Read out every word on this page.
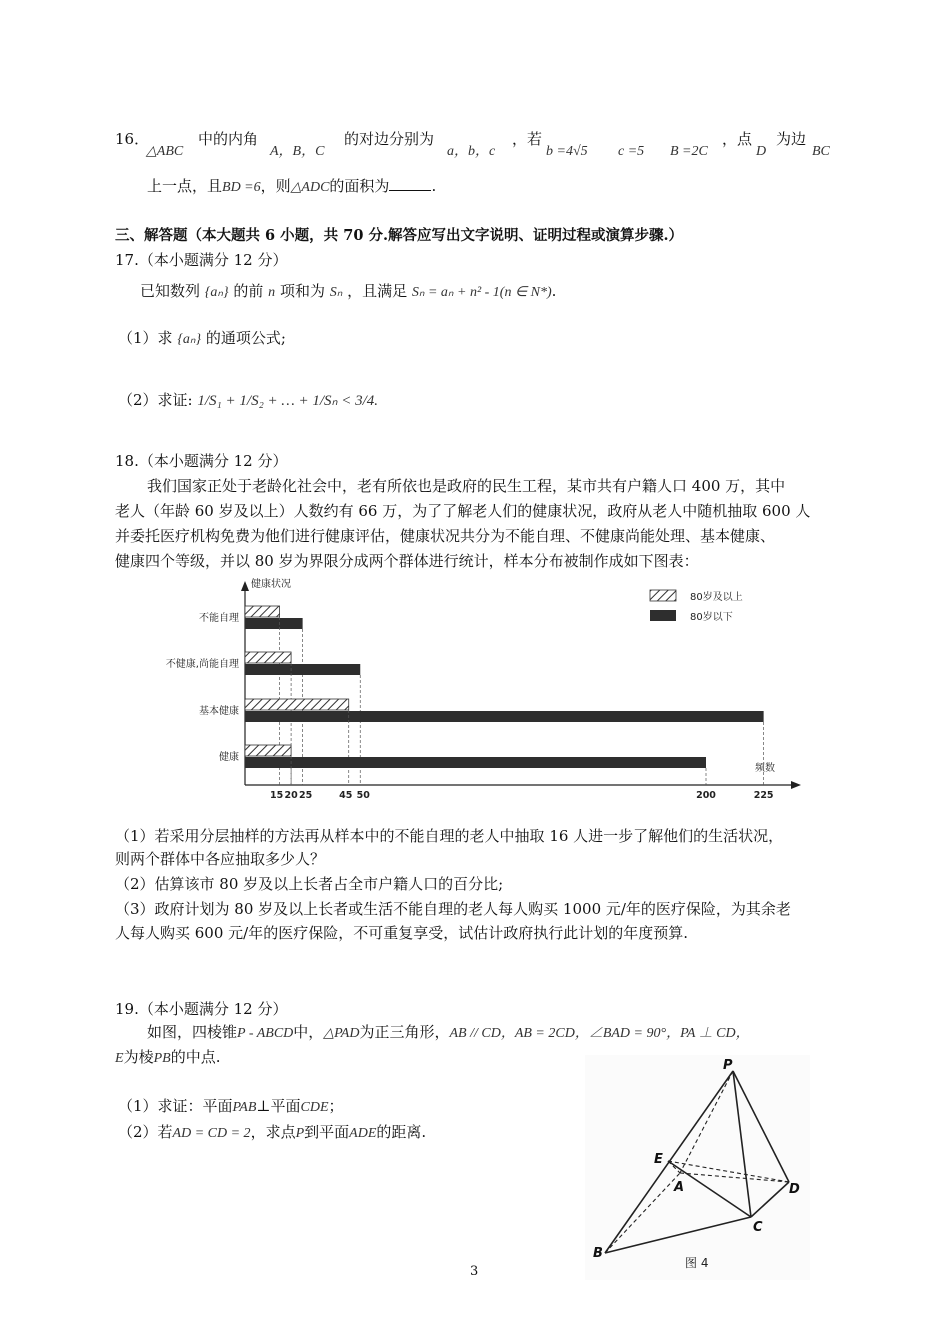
16．
△ABC
中的内角
A，B，C
的对边分别为
a，b，c
，若
b =4√5 c =5 B =2C
，点
D
为边
BC
上一点，且BD =6，则△ADC的面积为	.
三、解答题（本大题共 6 小题，共 70 分.解答应写出文字说明、证明过程或演算步骤.）
17.（本小题满分 12 分）
已知数列 {aₙ} 的前 n 项和为 Sₙ ，且满足 Sₙ = aₙ + n² - 1(n ∈ N*).
（1）求 {aₙ} 的通项公式;
（2）求证: 1/S₁ + 1/S₂ + … + 1/Sₙ < 3/4.
18.（本小题满分 12 分）
我们国家正处于老龄化社会中，老有所依也是政府的民生工程，某市共有户籍人口 400 万，其中
老人（年龄 60 岁及以上）人数约有 66 万，为了了解老人们的健康状况，政府从老人中随机抽取 600 人
并委托医疗机构免费为他们进行健康评估，健康状况共分为不能自理、不健康尚能处理、基本健康、
健康四个等级，并以 80 岁为界限分成两个群体进行统计，样本分布被制作成如下图表：
健康状况
频数
不能自理
不健康,尚能自理
基本健康
健康
15 20 25	45 50	200	225
80岁及以上
80岁以下
（1）若采用分层抽样的方法再从样本中的不能自理的老人中抽取 16 人进一步了解他们的生活状况，
则两个群体中各应抽取多少人？
（2）估算该市 80 岁及以上长者占全市户籍人口的百分比;
（3）政府计划为 80 岁及以上长者或生活不能自理的老人每人购买 1000 元/年的医疗保险，为其余老
人每人购买 600 元/年的医疗保险，不可重复享受，试估计政府执行此计划的年度预算.
19.（本小题满分 12 分）
如图，四棱锥P - ABCD中，△PAD为正三角形，AB // CD，AB = 2CD，∠BAD = 90°，PA ⊥ CD，
E为棱PB的中点.
（1）求证：平面PAB⊥平面CDE；
（2）若AD = CD = 2，求点P到平面ADE的距离.
P
E
A	D
C
B
图 4
3
